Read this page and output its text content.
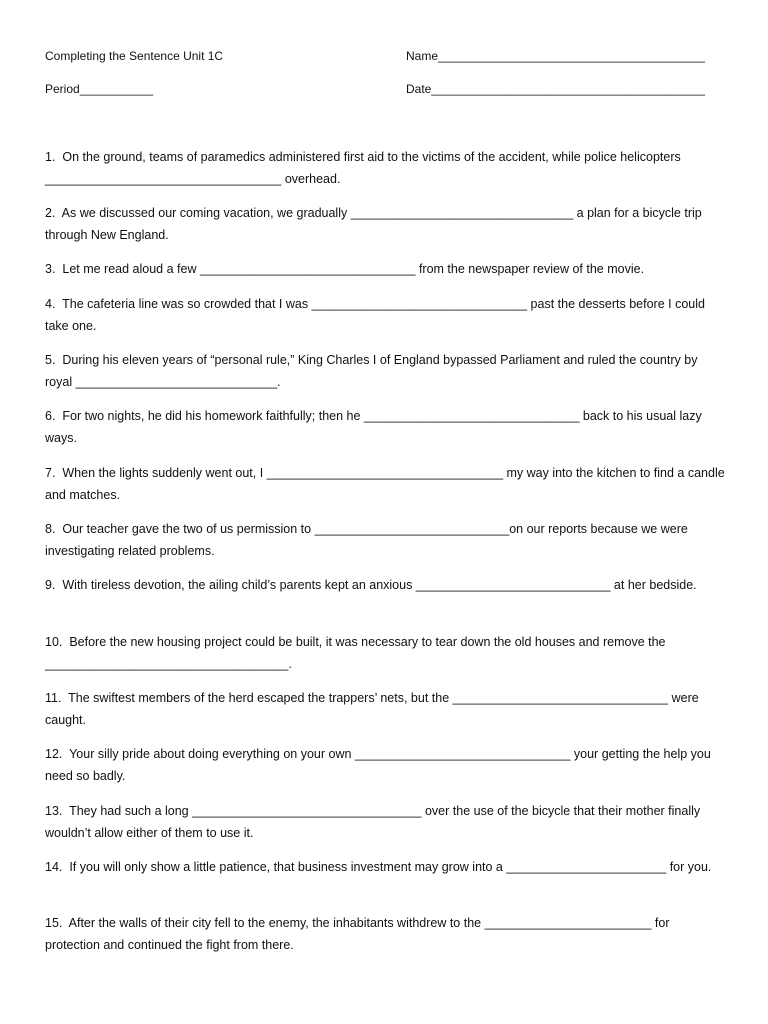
Completing the Sentence Unit 1C	Name________________________________________
Period___________	Date_________________________________________

1.  On the ground, teams of paramedics administered first aid to the victims of the accident, while police helicopters __________________________________ overhead.

2.  As we discussed our coming vacation, we gradually ________________________________ a plan for a bicycle trip through New England.

3.  Let me read aloud a few _______________________________ from the newspaper review of the movie.

4.  The cafeteria line was so crowded that I was _______________________________ past the desserts before I could take one.

5.  During his eleven years of “personal rule,” King Charles I of England bypassed Parliament and ruled the country by royal _____________________________.

6.  For two nights, he did his homework faithfully; then he _______________________________ back to his usual lazy ways.

7.  When the lights suddenly went out, I __________________________________ my way into the kitchen to find a candle and matches.

8.  Our teacher gave the two of us permission to ____________________________on our reports because we were investigating related problems.

9.  With tireless devotion, the ailing child’s parents kept an anxious ____________________________ at her bedside.

10.  Before the new housing project could be built, it was necessary to tear down the old houses and remove the ___________________________________.

11.  The swiftest members of the herd escaped the trappers’ nets, but the _______________________________ were caught.

12.  Your silly pride about doing everything on your own _______________________________ your getting the help you need so badly.

13.  They had such a long _________________________________ over the use of the bicycle that their mother finally wouldn’t allow either of them to use it.

14.  If you will only show a little patience, that business investment may grow into a _______________________ for you.

15.  After the walls of their city fell to the enemy, the inhabitants withdrew to the ________________________ for protection and continued the fight from there.
